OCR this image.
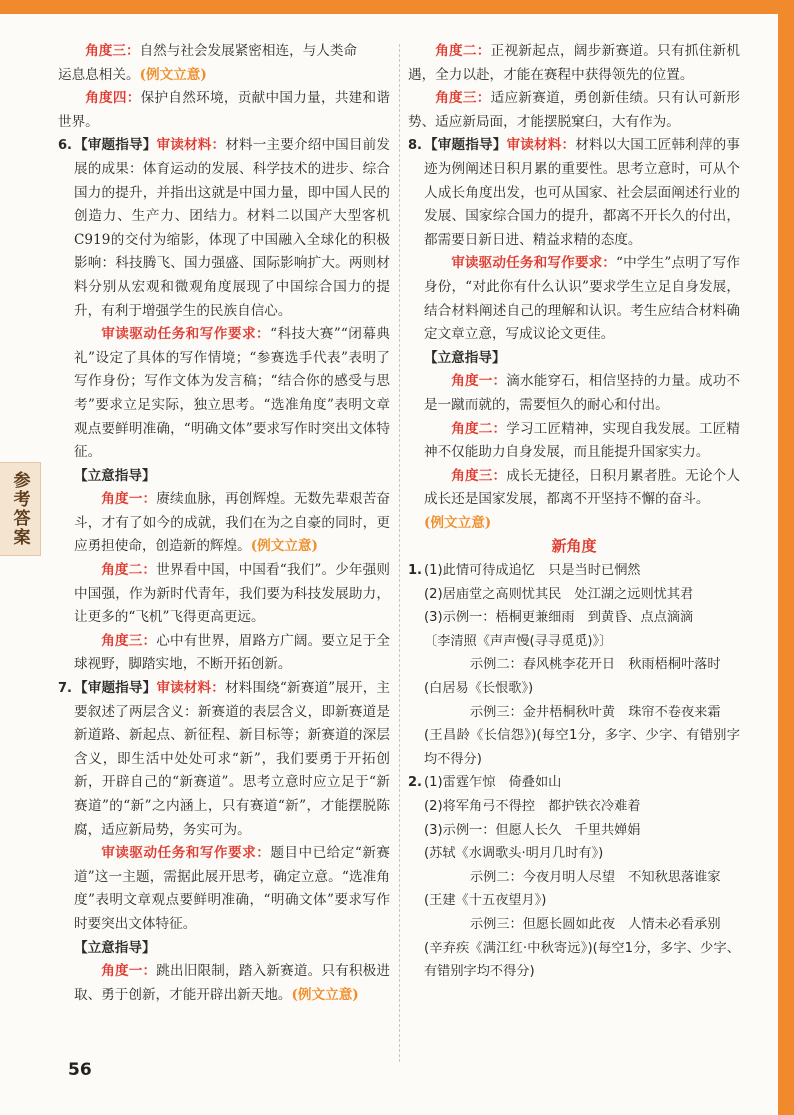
参考答案

角度三：自然与社会发展紧密相连，与人类命

运息息相关。(例文立意)

角度四：保护自然环境，贡献中国力量，共建和谐世界。

6. 【审题指导】审读材料：材料一主要介绍中国目前发展的成果：体育运动的发展、科学技术的进步、综合国力的提升，并指出这就是中国力量，即中国人民的创造力、生产力、团结力。材料二以国产大型客机C919的交付为缩影，体现了中国融入全球化的积极影响：科技腾飞、国力强盛、国际影响扩大。两则材料分别从宏观和微观角度展现了中国综合国力的提升，有利于增强学生的民族自信心。

审读驱动任务和写作要求：“科技大赛”“闭幕典礼”设定了具体的写作情境；“参赛选手代表”表明了写作身份；写作文体为发言稿；“结合你的感受与思考”要求立足实际，独立思考。“选准角度”表明文章观点要鲜明准确，“明确文体”要求写作时突出文体特征。

【立意指导】

角度一：赓续血脉，再创辉煌。无数先辈艰苦奋斗，才有了如今的成就，我们在为之自豪的同时，更应勇担使命，创造新的辉煌。(例文立意)

角度二：世界看中国，中国看“我们”。少年强则中国强，作为新时代青年，我们要为科技发展助力，让更多的“飞机”飞得更高更远。

角度三：心中有世界，眉路方广阔。要立足于全球视野，脚踏实地，不断开拓创新。

7. 【审题指导】审读材料：材料围绕“新赛道”展开，主要叙述了两层含义：新赛道的表层含义，即新赛道是新道路、新起点、新征程、新目标等；新赛道的深层含义，即生活中处处可求“新”，我们要勇于开拓创新，开辟自己的“新赛道”。思考立意时应立足于“新赛道”的“新”之内涵上，只有赛道“新”，才能摆脱陈腐，适应新局势，务实可为。

审读驱动任务和写作要求：题目中已给定“新赛道”这一主题，需据此展开思考，确定立意。“选准角度”表明文章观点要鲜明准确，“明确文体”要求写作时要突出文体特征。

【立意指导】

角度一：跳出旧限制，踏入新赛道。只有积极进取、勇于创新，才能开辟出新天地。(例文立意)

角度二：正视新起点，阔步新赛道。只有抓住新机遇，全力以赴，才能在赛程中获得领先的位置。

角度三：适应新赛道，勇创新佳绩。只有认可新形势、适应新局面，才能摆脱窠臼，大有作为。

8. 【审题指导】审读材料：材料以大国工匠韩利萍的事迹为例阐述日积月累的重要性。思考立意时，可从个人成长角度出发，也可从国家、社会层面阐述行业的发展、国家综合国力的提升，都离不开长久的付出，都需要日新日进、精益求精的态度。

审读驱动任务和写作要求：“中学生”点明了写作身份，“对此你有什么认识”要求学生立足自身发展，结合材料阐述自己的理解和认识。考生应结合材料确定文章立意，写成议论文更佳。

【立意指导】

角度一：滴水能穿石，相信坚持的力量。成功不是一蹴而就的，需要恒久的耐心和付出。

角度二：学习工匠精神，实现自我发展。工匠精神不仅能助力自身发展，而且能提升国家实力。

角度三：成长无捷径，日积月累者胜。无论个人成长还是国家发展，都离不开坚持不懈的奋斗。

(例文立意)

新角度

1. (1)此情可待成追忆　只是当时已惘然

(2)居庙堂之高则忧其民　处江湖之远则忧其君

(3)示例一：梧桐更兼细雨　到黄昏、点点滴滴

〔李清照《声声慢(寻寻觅觅)》〕

示例二：春风桃李花开日　秋雨梧桐叶落时

(白居易《长恨歌》)

示例三：金井梧桐秋叶黄　珠帘不卷夜来霜

(王昌龄《长信怨》)(每空1分，多字、少字、有错别字均不得分)

2. (1)雷霆乍惊　倚叠如山

(2)将军角弓不得控　都护铁衣冷难着

(3)示例一：但愿人长久　千里共婵娟

(苏轼《水调歌头·明月几时有》)

示例二：今夜月明人尽望　不知秋思落谁家

(王建《十五夜望月》)

示例三：但愿长圆如此夜　人情未必看承别

(辛弃疾《满江红·中秋寄远》)(每空1分，多字、少字、有错别字均不得分)

56
